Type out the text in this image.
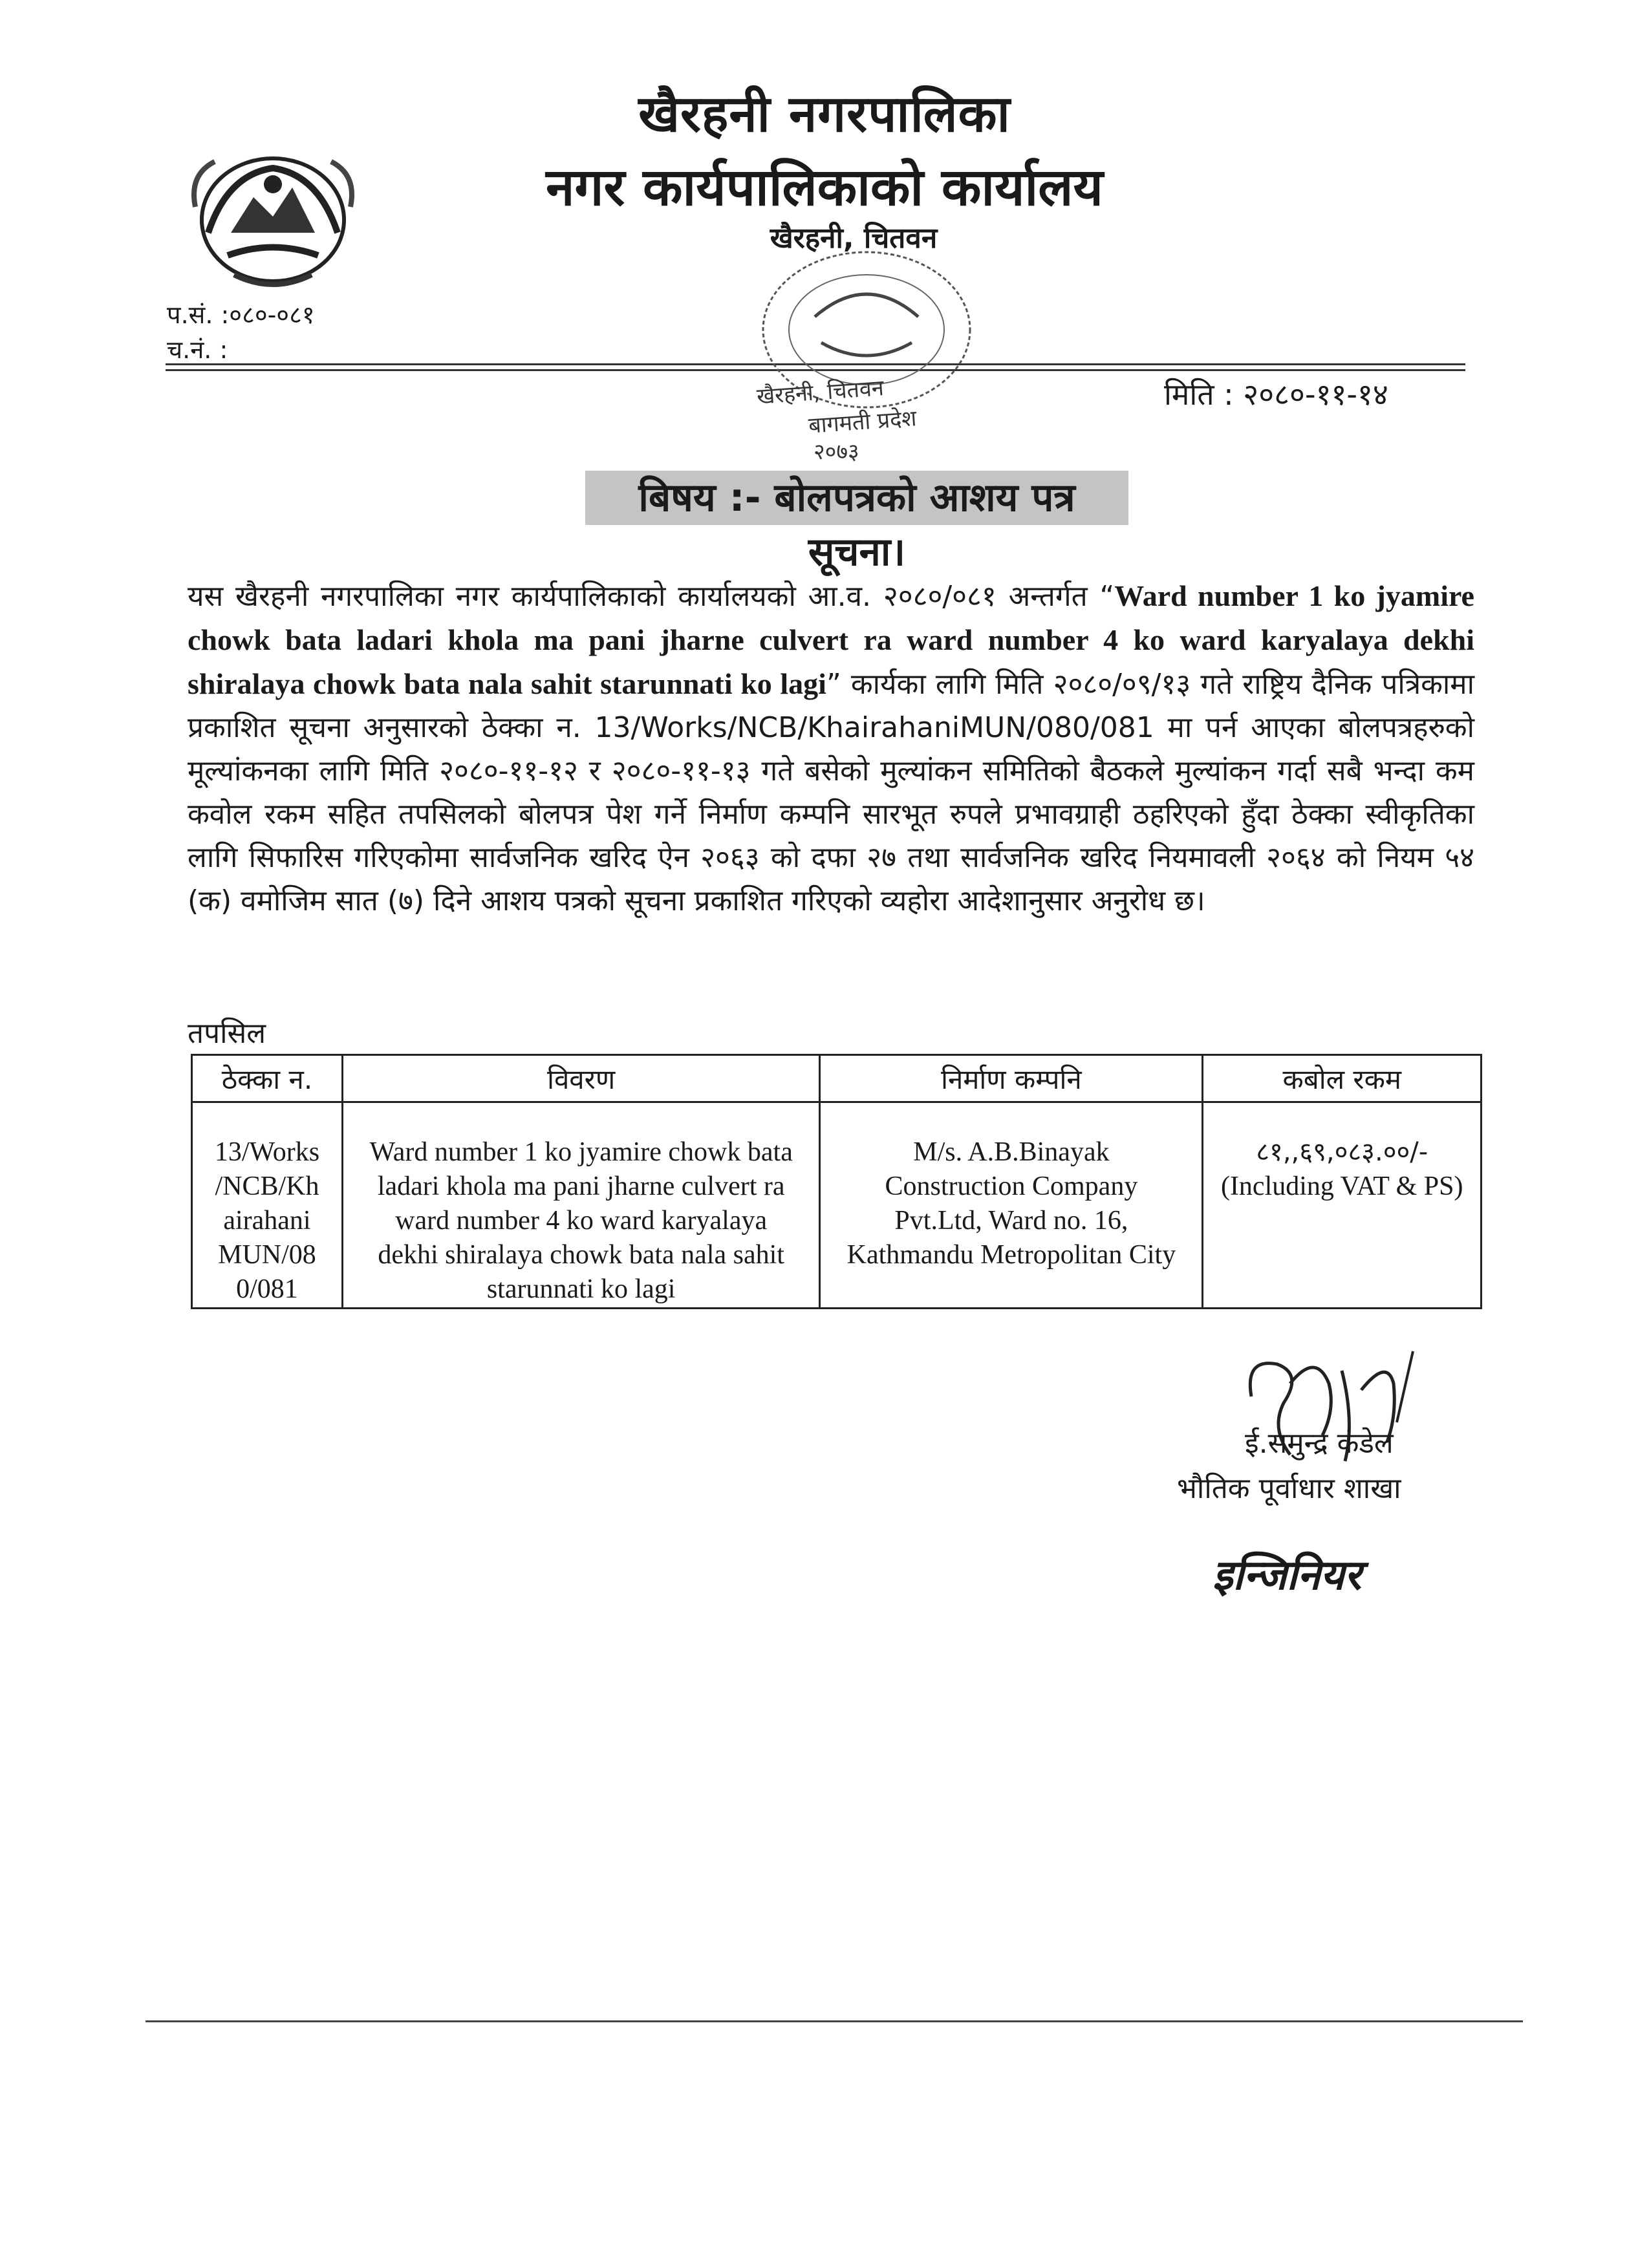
खैरहनी नगरपालिका
नगर कार्यपालिकाको कार्यालय
खैरहनी, चितवन
प.सं. :०८०-०८१
च.नं. :
मिति : २०८०-११-१४
खैरहनी, चितवन
बागमती प्रदेश
२०७३
बिषय :- बोलपत्रको आशय पत्र सूचना।
यस खैरहनी नगरपालिका नगर कार्यपालिकाको कार्यालयको आ.व. २०८०/०८१ अन्तर्गत “Ward number 1 ko jyamire chowk bata ladari khola ma pani jharne culvert ra ward number 4 ko ward karyalaya dekhi shiralaya chowk bata nala sahit starunnati ko lagi” कार्यका लागि मिति २०८०/०९/१३ गते राष्ट्रिय दैनिक पत्रिकामा प्रकाशित सूचना अनुसारको ठेक्का न. 13/Works/NCB/KhairahaniMUN/080/081 मा पर्न आएका बोलपत्रहरुको मूल्यांकनका लागि मिति २०८०-११-१२ र २०८०-११-१३ गते बसेको मुल्यांकन समितिको बैठकले मुल्यांकन गर्दा सबै भन्दा कम कवोल रकम सहित तपसिलको बोलपत्र पेश गर्ने निर्माण कम्पनि सारभूत रुपले प्रभावग्राही ठहरिएको हुँदा ठेक्का स्वीकृतिका लागि सिफारिस गरिएकोमा सार्वजनिक खरिद ऐन २०६३ को दफा २७ तथा सार्वजनिक खरिद नियमावली २०६४ को नियम ५४ (क) वमोजिम सात (७) दिने आशय पत्रको सूचना प्रकाशित गरिएको व्यहोरा आदेशानुसार अनुरोध छ।
तपसिल
ठेक्का न.	विवरण	निर्माण कम्पनि	कबोल रकम
13/Works /NCB/Kh airahani MUN/08 0/081	Ward number 1 ko jyamire chowk bata ladari khola ma pani jharne culvert ra ward number 4 ko ward karyalaya dekhi shiralaya chowk bata nala sahit starunnati ko lagi	M/s. A.B.Binayak Construction Company Pvt.Ltd, Ward no. 16, Kathmandu Metropolitan City	८१,,६९,०८३.००/-
(Including VAT & PS)
ई.समुन्द्र कंडेल
भौतिक पूर्वाधार शाखा
इन्जिनियर
